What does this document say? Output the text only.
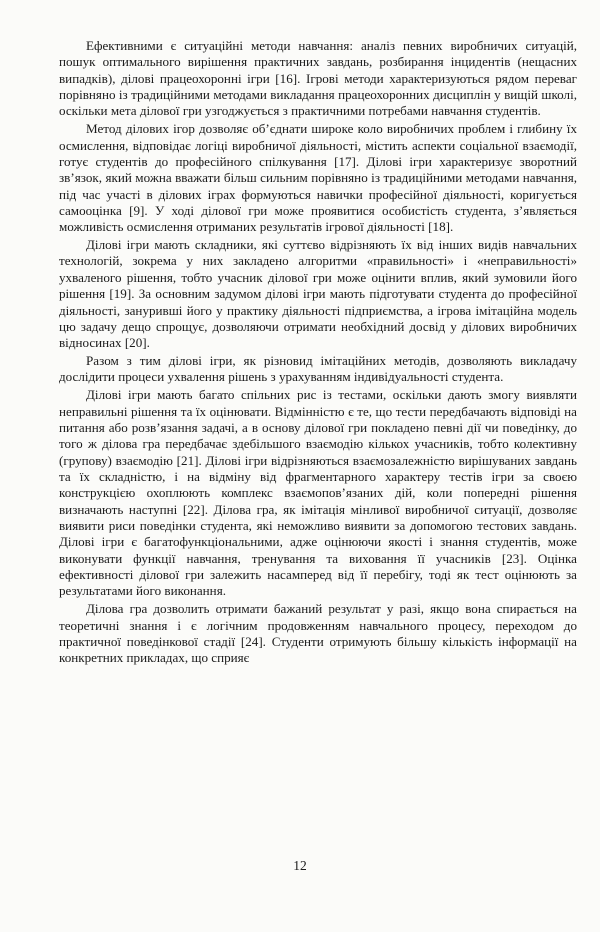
Ефективними є ситуаційні методи навчання: аналіз певних виробничих ситуацій, пошук оптимального вирішення практичних завдань, розбирання інцидентів (нещасних випадків), ділові працеохоронні ігри [16]. Ігрові методи характеризуються рядом переваг порівняно із традиційними методами викладання працеохоронних дисциплін у вищій школі, оскільки мета ділової гри узгоджується з практичними потребами навчання студентів.

Метод ділових ігор дозволяє об’єднати широке коло виробничих проблем і глибину їх осмислення, відповідає логіці виробничої діяльності, містить аспекти соціальної взаємодії, готує студентів до професійного спілкування [17]. Ділові ігри характеризує зворотний зв’язок, який можна вважати більш сильним порівняно із традиційними методами навчання, під час участі в ділових іграх формуються навички професійної діяльності, коригується самооцінка [9]. У ході ділової гри може проявитися особистість студента, з’являється можливість осмислення отриманих результатів ігрової діяльності [18].

Ділові ігри мають складники, які суттєво відрізняють їх від інших видів навчальних технологій, зокрема у них закладено алгоритми «правильності» і «неправильності» ухваленого рішення, тобто учасник ділової гри може оцінити вплив, який зумовили його рішення [19]. За основним задумом ділові ігри мають підготувати студента до професійної діяльності, занурившi його у практику діяльності підприємства, а ігрова імітаційна модель цю задачу дещо спрощує, дозволяючи отримати необхідний досвід у ділових виробничих відносинах [20].

Разом з тим ділові ігри, як різновид імітаційних методів, дозволяють викладачу дослідити процеси ухвалення рішень з урахуванням індивідуальності студента.

Ділові ігри мають багато спільних рис із тестами, оскільки дають змогу виявляти неправильні рішення та їх оцінювати. Відмінністю є те, що тести передбачають відповіді на питання або розв’язання задачі, а в основу ділової гри покладено певні дії чи поведінку, до того ж ділова гра передбачає здебільшого взаємодію кількох учасників, тобто колективну (групову) взаємодію [21]. Ділові ігри відрізняються взаємозалежністю вирішуваних завдань та їх складністю, і на відміну від фрагментарного характеру тестів ігри за своєю конструкцією охоплюють комплекс взаємопов’язаних дій, коли попередні рішення визначають наступні [22]. Ділова гра, як імітація мінливої виробничої ситуації, дозволяє виявити риси поведінки студента, які неможливо виявити за допомогою тестових завдань. Ділові ігри є багатофункціональними, адже оцінюючи якості і знання студентів, може виконувати функції навчання, тренування та виховання її учасників [23]. Оцінка ефективності ділової гри залежить насамперед від її перебігу, тоді як тест оцінюють за результатами його виконання.

Ділова гра дозволить отримати бажаний результат у разі, якщо вона спирається на теоретичні знання і є логічним продовженням навчального процесу, переходом до практичної поведінкової стадії [24]. Студенти отримують більшу кількість інформації на конкретних прикладах, що сприяє

12
